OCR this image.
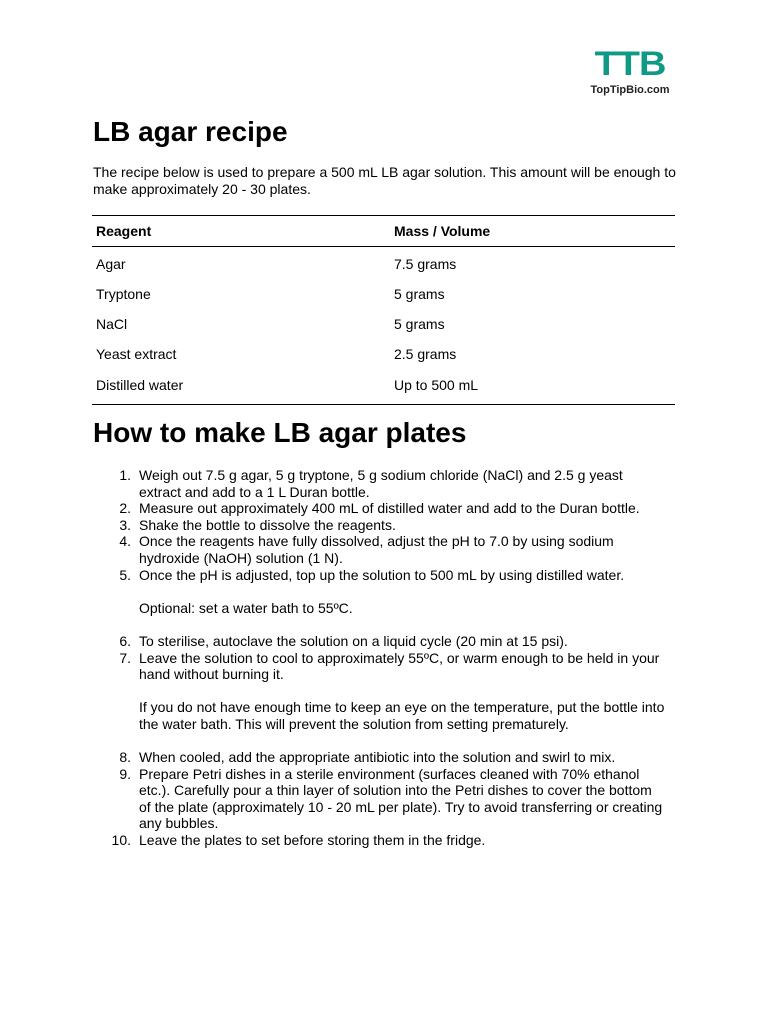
TTB
TopTipBio.com
LB agar recipe

The recipe below is used to prepare a 500 mL LB agar solution. This amount will be enough to make approximately 20 - 30 plates.

Reagent	Mass / Volume
Agar	7.5 grams
Tryptone	5 grams
NaCl	5 grams
Yeast extract	2.5 grams
Distilled water	Up to 500 mL
How to make LB agar plates
1. Weigh out 7.5 g agar, 5 g tryptone, 5 g sodium chloride (NaCl) and 2.5 g yeast extract and add to a 1 L Duran bottle.
2. Measure out approximately 400 mL of distilled water and add to the Duran bottle.
3. Shake the bottle to dissolve the reagents.
4. Once the reagents have fully dissolved, adjust the pH to 7.0 by using sodium hydroxide (NaOH) solution (1 N).
5. Once the pH is adjusted, top up the solution to 500 mL by using distilled water.
Optional: set a water bath to 55ºC.
6. To sterilise, autoclave the solution on a liquid cycle (20 min at 15 psi).
7. Leave the solution to cool to approximately 55ºC, or warm enough to be held in your hand without burning it.
If you do not have enough time to keep an eye on the temperature, put the bottle into the water bath. This will prevent the solution from setting prematurely.
8. When cooled, add the appropriate antibiotic into the solution and swirl to mix.
9. Prepare Petri dishes in a sterile environment (surfaces cleaned with 70% ethanol etc.). Carefully pour a thin layer of solution into the Petri dishes to cover the bottom of the plate (approximately 10 - 20 mL per plate). Try to avoid transferring or creating any bubbles.
10. Leave the plates to set before storing them in the fridge.
